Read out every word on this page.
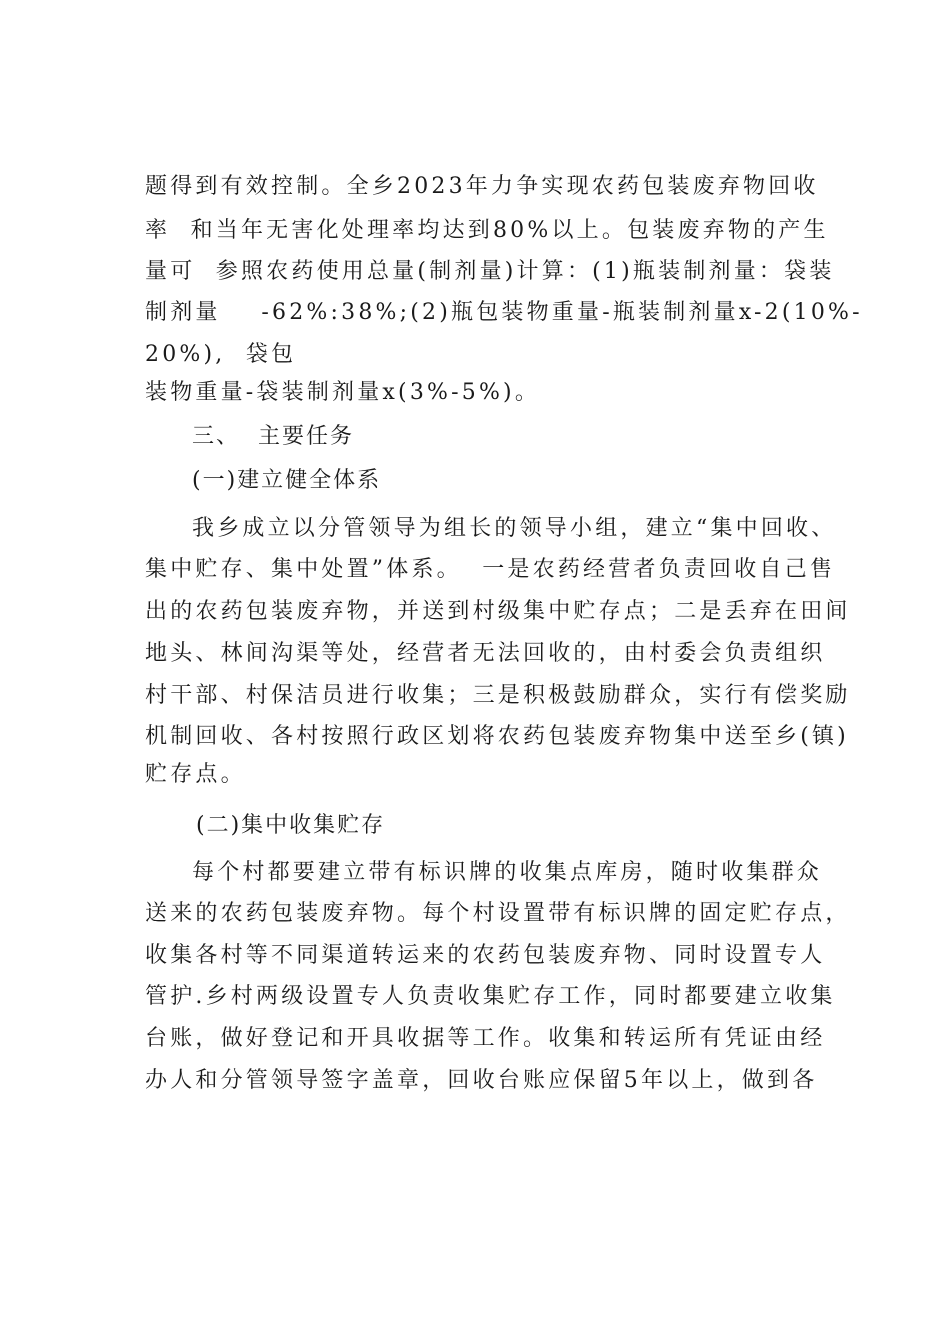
题得到有效控制。全乡2023年力争实现农药包装废弃物回收

率  和当年无害化处理率均达到80%以上。包装废弃物的产生

量可  参照农药使用总量(制剂量)计算：(1)瓶装制剂量：袋装

制剂量    -62%:38%;(2)瓶包装物重量-瓶装制剂量x-2(10%-

20%),  袋包

装物重量-袋装制剂量x(3%-5%)。

三、  主要任务

(一)建立健全体系

我乡成立以分管领导为组长的领导小组，建立“集中回收、

集中贮存、集中处置”体系。  一是农药经营者负责回收自己售

出的农药包装废弃物，并送到村级集中贮存点；二是丢弃在田间

地头、林间沟渠等处，经营者无法回收的，由村委会负责组织

村干部、村保洁员进行收集；三是积极鼓励群众，实行有偿奖励

机制回收、各村按照行政区划将农药包装废弃物集中送至乡(镇)

贮存点。

(二)集中收集贮存

每个村都要建立带有标识牌的收集点库房，随时收集群众

送来的农药包装废弃物。每个村设置带有标识牌的固定贮存点，

收集各村等不同渠道转运来的农药包装废弃物、同时设置专人

管护.乡村两级设置专人负责收集贮存工作，同时都要建立收集

台账，做好登记和开具收据等工作。收集和转运所有凭证由经

办人和分管领导签字盖章，回收台账应保留5年以上，做到各
